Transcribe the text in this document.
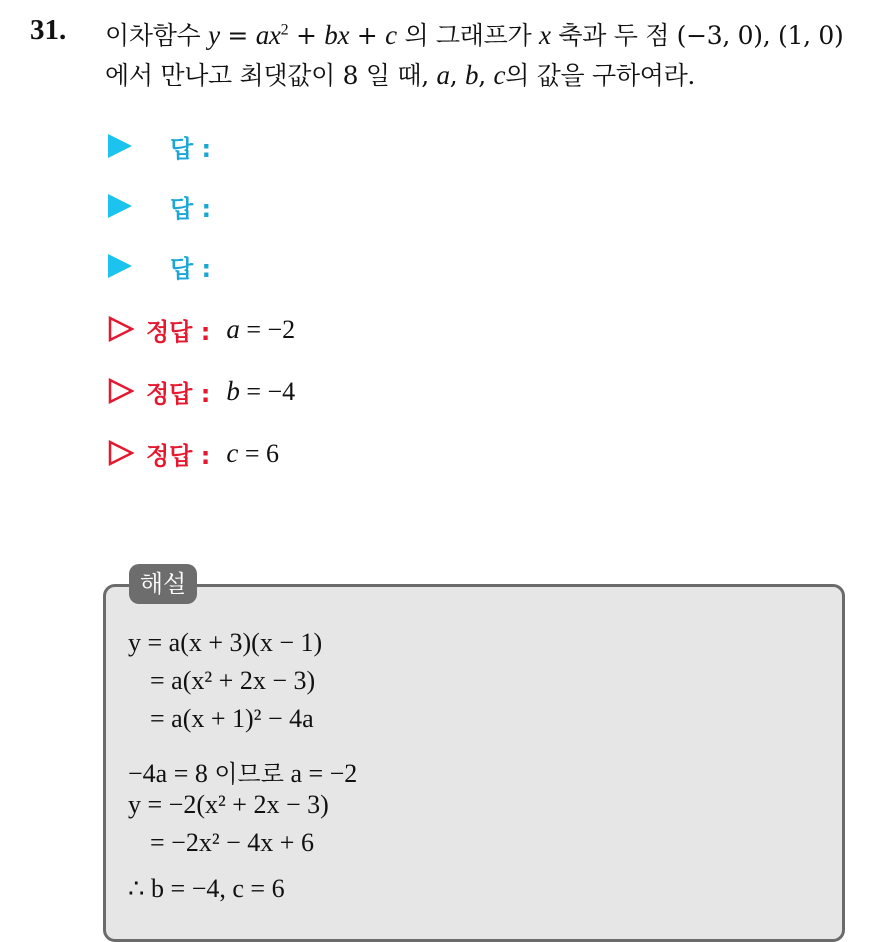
31. 이차함수 $y = ax^2$ + bx + c 의 그래프가 x 축과 두 점 (−3, 0), (1, 0)
에서 만나고 최댓값이 8 일 때, a, b, c의 값을 구하여라.
답 :
답 :
답 :
정답 : a = −2
정답 : b = −4
정답 : c = 6
해설
y = a(x + 3)(x − 1)
= a(x² + 2x − 3)
= a(x + 1)² − 4a
−4a = 8 이므로 a = −2
y = −2(x² + 2x − 3)
= −2x² − 4x + 6
∴ b = −4, c = 6
